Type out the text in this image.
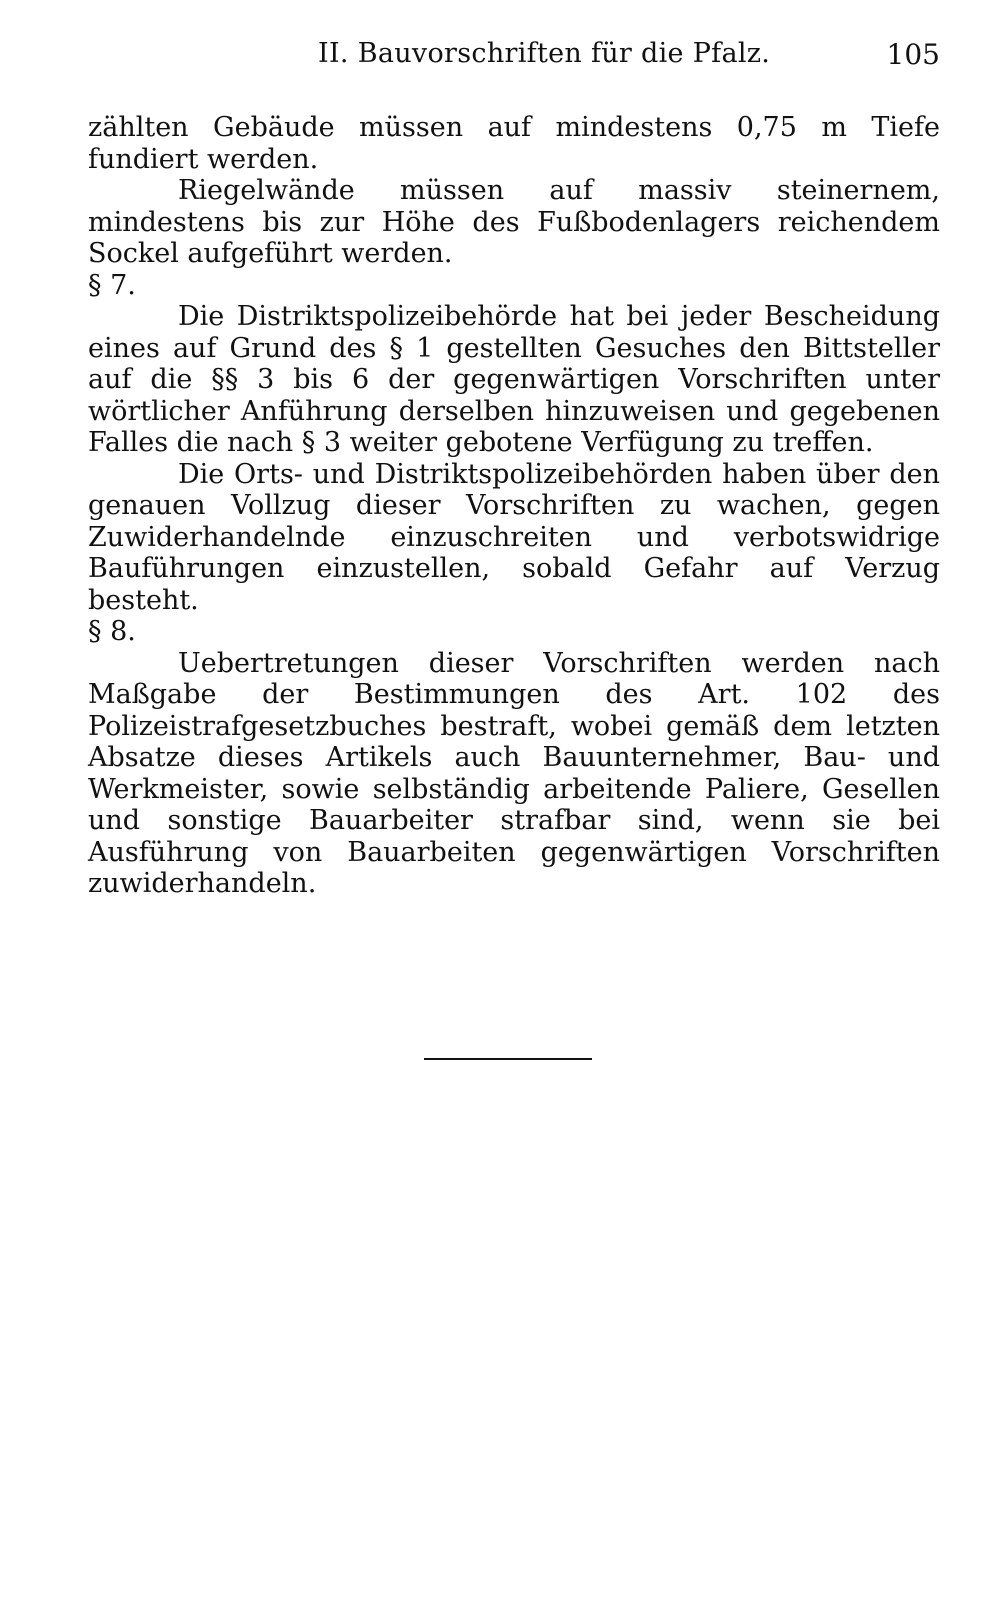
II. Bauvorschriften für die Pfalz.	105

zählten Gebäude müssen auf mindestens 0,75 m Tiefe fundiert werden.

Riegelwände müssen auf massiv steinernem, mindestens bis zur Höhe des Fußbodenlagers reichendem Sockel aufgeführt werden.

§ 7.

Die Distriktspolizeibehörde hat bei jeder Bescheidung eines auf Grund des § 1 gestellten Gesuches den Bittsteller auf die §§ 3 bis 6 der gegenwärtigen Vorschriften unter wörtlicher Anführung derselben hinzuweisen und gegebenen Falles die nach § 3 weiter gebotene Verfügung zu treffen.

Die Orts- und Distriktspolizeibehörden haben über den genauen Vollzug dieser Vorschriften zu wachen, gegen Zuwiderhandelnde einzuschreiten und verbotswidrige Bauführungen einzustellen, sobald Gefahr auf Verzug besteht.

§ 8.

Uebertretungen dieser Vorschriften werden nach Maßgabe der Bestimmungen des Art. 102 des Polizeistrafgesetzbuches bestraft, wobei gemäß dem letzten Absatze dieses Artikels auch Bauunternehmer, Bau- und Werkmeister, sowie selbständig arbeitende Paliere, Gesellen und sonstige Bauarbeiter strafbar sind, wenn sie bei Ausführung von Bauarbeiten gegenwärtigen Vorschriften zuwiderhandeln.
